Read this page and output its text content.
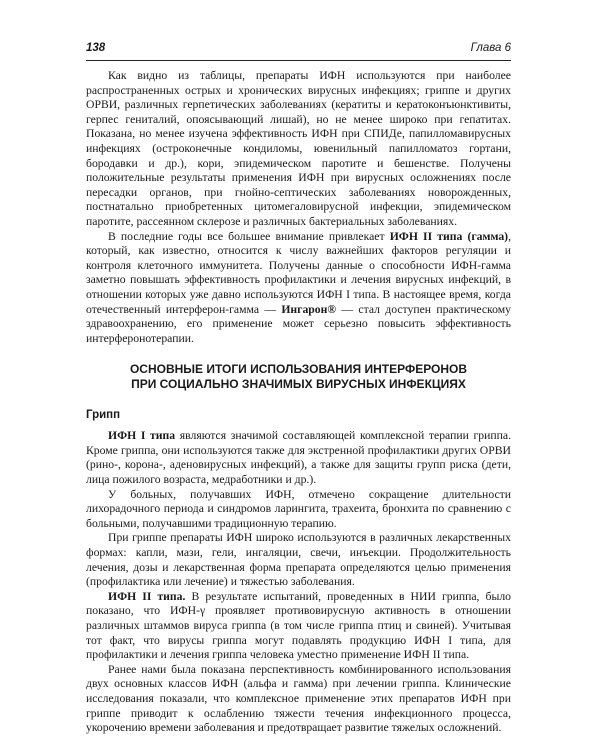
138	Глава 6

Как видно из таблицы, препараты ИФН используются при наиболее распространенных острых и хронических вирусных инфекциях; гриппе и других ОРВИ, различных герпетических заболеваниях (кератиты и кератоконъюнктивиты, герпес гениталий, опоясывающий лишай), но не менее широко при гепатитах. Показана, но менее изучена эффективность ИФН при СПИДе, папилломавирусных инфекциях (остроконечные кондиломы, ювенильный папилломатоз гортани, бородавки и др.), кори, эпидемическом паротите и бешенстве. Получены положительные результаты применения ИФН при вирусных осложнениях после пересадки органов, при гнойно-септических заболеваниях новорожденных, постнатально приобретенных цитомегаловирусной инфекции, эпидемическом паротите, рассеянном склерозе и различных бактериальных заболеваниях.

В последние годы все большее внимание привлекает ИФН II типа (гамма), который, как известно, относится к числу важнейших факторов регуляции и контроля клеточного иммунитета. Получены данные о способности ИФН-гамма заметно повышать эффективность профилактики и лечения вирусных инфекций, в отношении которых уже давно используются ИФН I типа. В настоящее время, когда отечественный интерферон-гамма — Ингарон® — стал доступен практическому здравоохранению, его применение может серьезно повысить эффективность интерферонотерапии.

ОСНОВНЫЕ ИТОГИ ИСПОЛЬЗОВАНИЯ ИНТЕРФЕРОНОВ
ПРИ СОЦИАЛЬНО ЗНАЧИМЫХ ВИРУСНЫХ ИНФЕКЦИЯХ
Грипп

ИФН I типа являются значимой составляющей комплексной терапии гриппа. Кроме гриппа, они используются также для экстренной профилактики других ОРВИ (рино-, корона-, аденовирусных инфекций), а также для защиты групп риска (дети, лица пожилого возраста, медработники и др.).

У больных, получавших ИФН, отмечено сокращение длительности лихорадочного периода и синдромов ларингита, трахеита, бронхита по сравнению с больными, получавшими традиционную терапию.

При гриппе препараты ИФН широко используются в различных лекарственных формах: капли, мази, гели, ингаляции, свечи, инъекции. Продолжительность лечения, дозы и лекарственная форма препарата определяются целью применения (профилактика или лечение) и тяжестью заболевания.

ИФН II типа. В результате испытаний, проведенных в НИИ гриппа, было показано, что ИФН-γ проявляет противовирусную активность в отношении различных штаммов вируса гриппа (в том числе гриппа птиц и свиней). Учитывая тот факт, что вирусы гриппа могут подавлять продукцию ИФН I типа, для профилактики и лечения гриппа человека уместно применение ИФН II типа.

Ранее нами была показана перспективность комбинированного использования двух основных классов ИФН (альфа и гамма) при лечении гриппа. Клинические исследования показали, что комплексное применение этих препаратов ИФН при гриппе приводит к ослаблению тяжести течения инфекционного процесса, укорочению времени заболевания и предотвращает развитие тяжелых осложнений.
